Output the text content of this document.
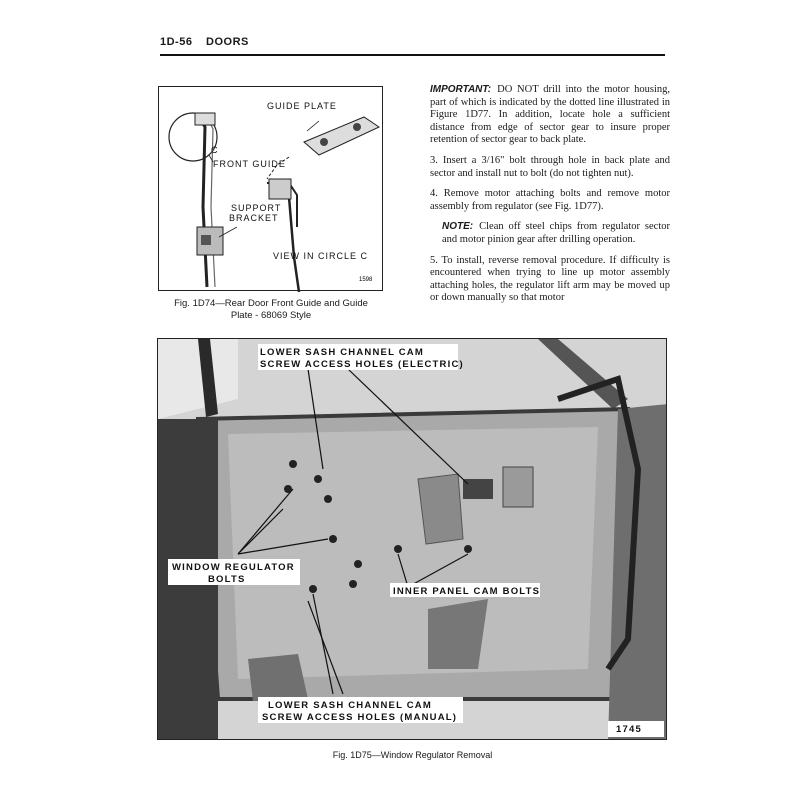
1D-56 DOORS
GUIDE PLATE
C
FRONT GUIDE
SUPPORT
BRACKET
VIEW IN CIRCLE C
1598
Fig. 1D74—Rear Door Front Guide and Guide
Plate - 68069 Style

IMPORTANT: DO NOT drill into the motor housing, part of which is indicated by the dotted line illustrated in Figure 1D77. In addition, locate hole a sufficient distance from edge of sector gear to insure proper retention of sector gear to back plate.

3. Insert a 3/16" bolt through hole in back plate and sector and install nut to bolt (do not tighten nut).

4. Remove motor attaching bolts and remove motor assembly from regulator (see Fig. 1D77).

NOTE: Clean off steel chips from regulator sector and motor pinion gear after drilling operation.

5. To install, reverse removal procedure. If difficulty is encountered when trying to line up motor assembly attaching holes, the regulator lift arm may be moved up or down manually so that motor

LOWER SASH CHANNEL CAM
SCREW ACCESS HOLES (ELECTRIC)
WINDOW REGULATOR
BOLTS
INNER PANEL CAM BOLTS
LOWER SASH CHANNEL CAM
SCREW ACCESS HOLES (MANUAL)
1745
Fig. 1D75—Window Regulator Removal
